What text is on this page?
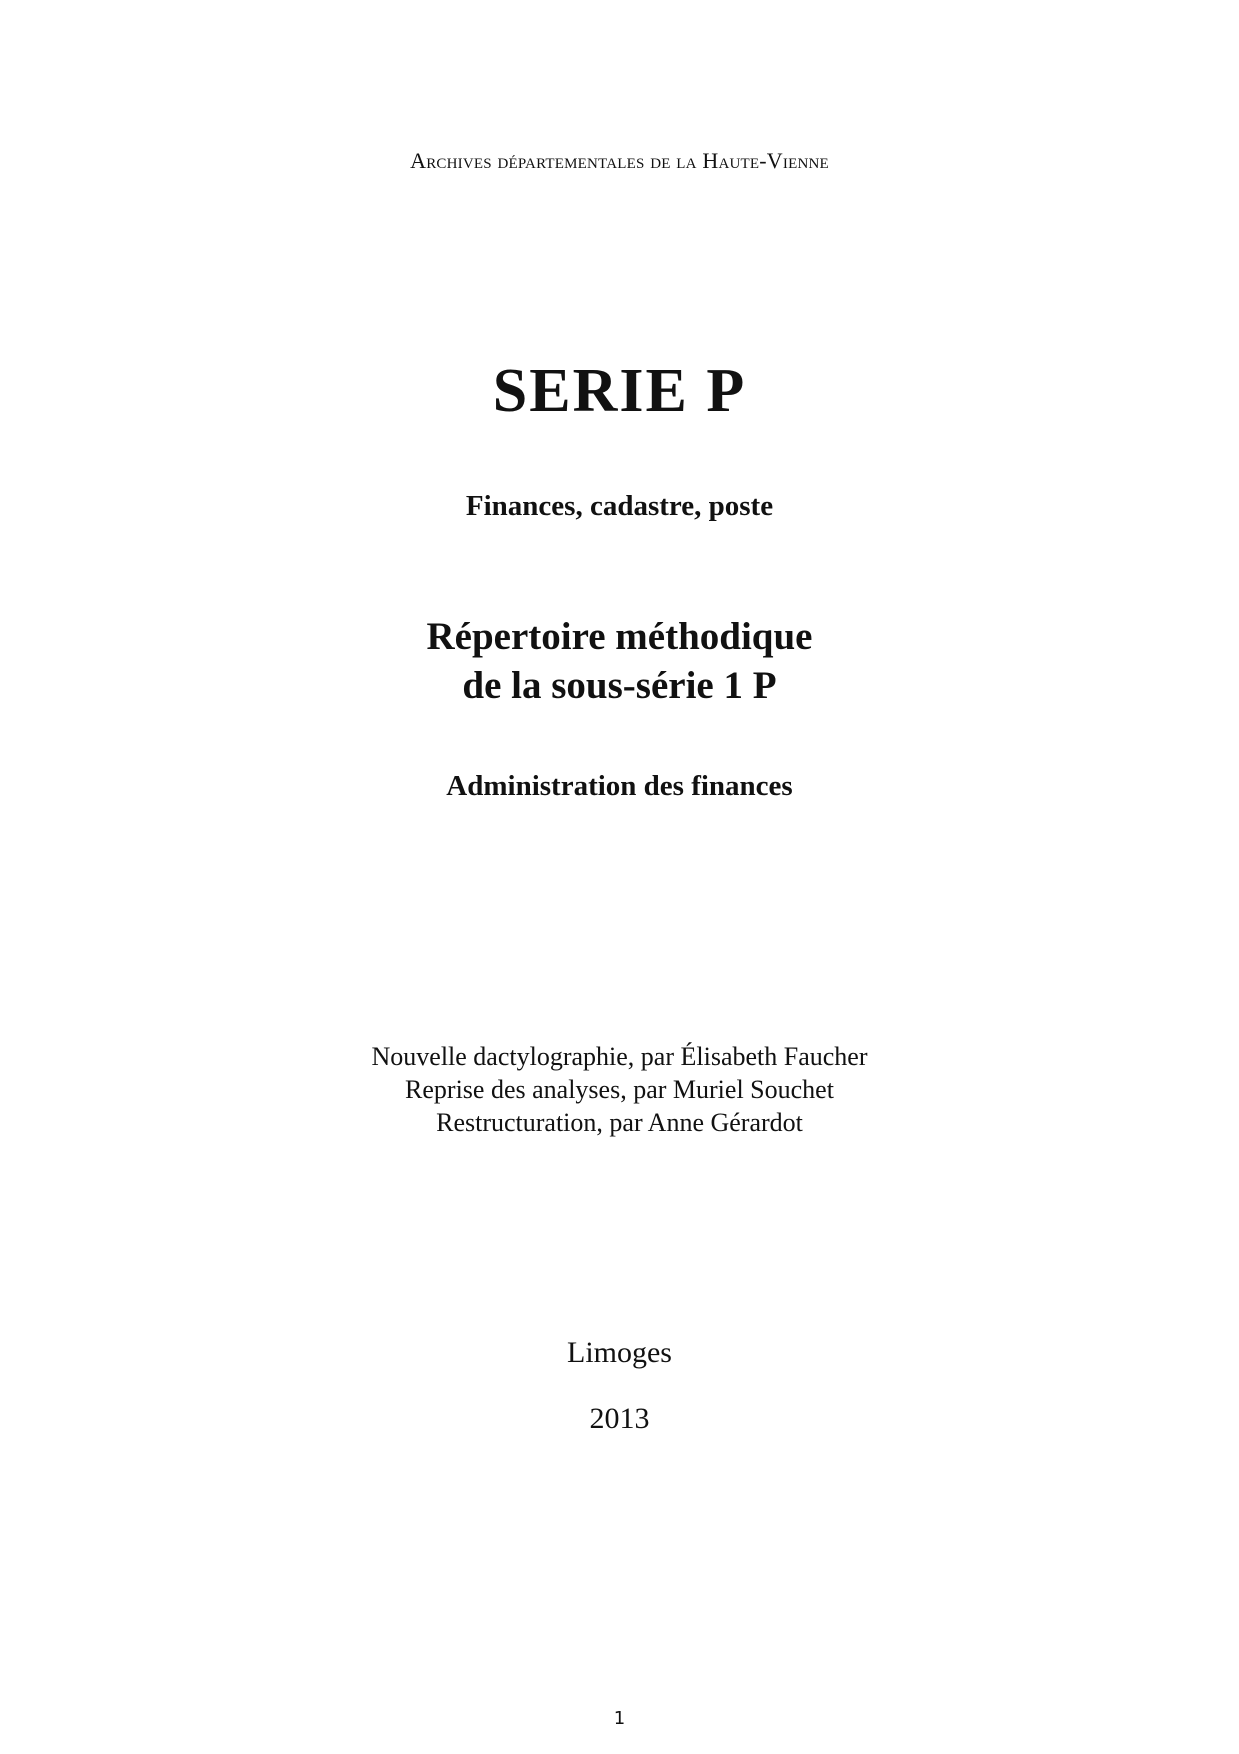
Archives départementales de la Haute-Vienne

SERIE P
Finances, cadastre, poste
Répertoire méthodique
de la sous-série 1 P
Administration des finances
Nouvelle dactylographie, par Élisabeth Faucher
Reprise des analyses, par Muriel Souchet
Restructuration, par Anne Gérardot

Limoges

2013

1
